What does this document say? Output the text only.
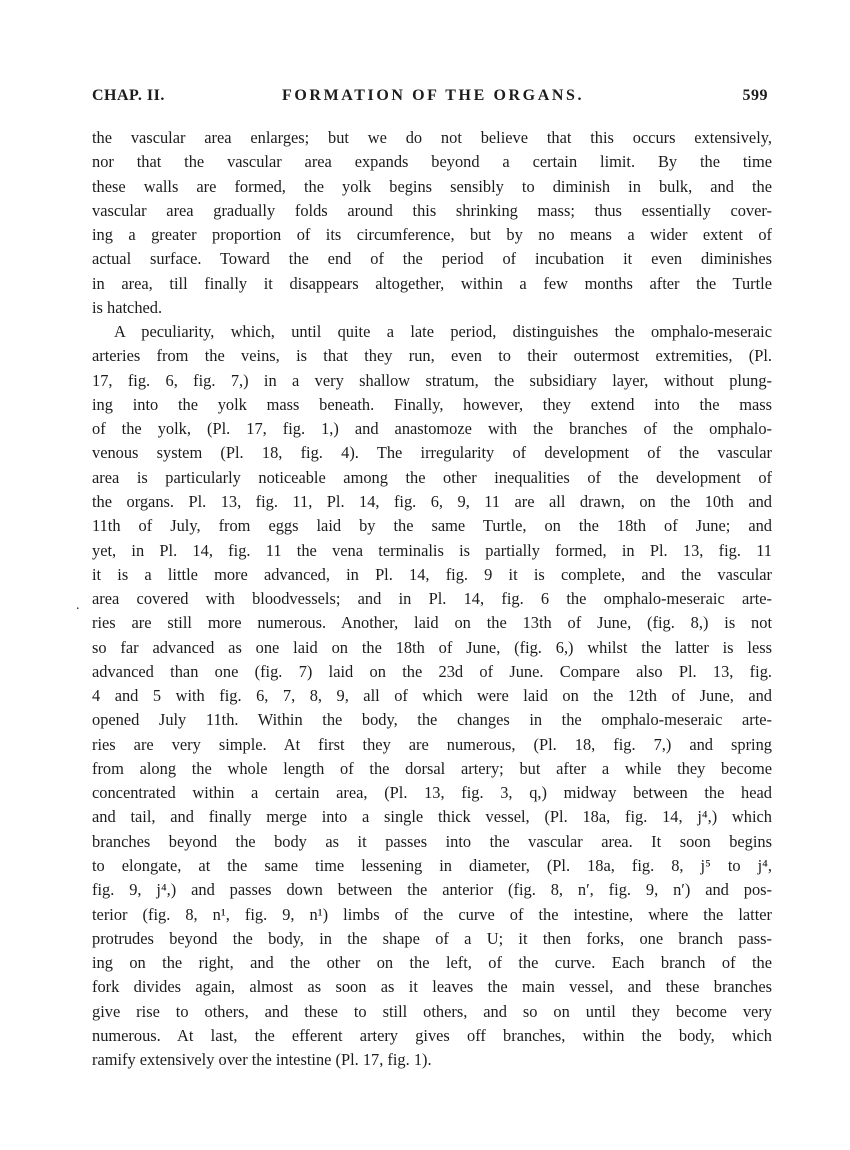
CHAP. II.	FORMATION OF THE ORGANS.	599
.
the vascular area enlarges; but we do not believe that this occurs extensively,
nor that the vascular area expands beyond a certain limit. By the time
these walls are formed, the yolk begins sensibly to diminish in bulk, and the
vascular area gradually folds around this shrinking mass; thus essentially cover-
ing a greater proportion of its circumference, but by no means a wider extent of
actual surface. Toward the end of the period of incubation it even diminishes
in area, till finally it disappears altogether, within a few months after the Turtle
is hatched.
A peculiarity, which, until quite a late period, distinguishes the omphalo-meseraic
arteries from the veins, is that they run, even to their outermost extremities, (Pl.
17, fig. 6, fig. 7,) in a very shallow stratum, the subsidiary layer, without plung-
ing into the yolk mass beneath. Finally, however, they extend into the mass
of the yolk, (Pl. 17, fig. 1,) and anastomoze with the branches of the omphalo-
venous system (Pl. 18, fig. 4). The irregularity of development of the vascular
area is particularly noticeable among the other inequalities of the development of
the organs. Pl. 13, fig. 11, Pl. 14, fig. 6, 9, 11 are all drawn, on the 10th and
11th of July, from eggs laid by the same Turtle, on the 18th of June; and
yet, in Pl. 14, fig. 11 the vena terminalis is partially formed, in Pl. 13, fig. 11
it is a little more advanced, in Pl. 14, fig. 9 it is complete, and the vascular
area covered with bloodvessels; and in Pl. 14, fig. 6 the omphalo-meseraic arte-
ries are still more numerous. Another, laid on the 13th of June, (fig. 8,) is not
so far advanced as one laid on the 18th of June, (fig. 6,) whilst the latter is less
advanced than one (fig. 7) laid on the 23d of June. Compare also Pl. 13, fig.
4 and 5 with fig. 6, 7, 8, 9, all of which were laid on the 12th of June, and
opened July 11th. Within the body, the changes in the omphalo-meseraic arte-
ries are very simple. At first they are numerous, (Pl. 18, fig. 7,) and spring
from along the whole length of the dorsal artery; but after a while they become
concentrated within a certain area, (Pl. 13, fig. 3, q,) midway between the head
and tail, and finally merge into a single thick vessel, (Pl. 18a, fig. 14, j⁴,) which
branches beyond the body as it passes into the vascular area. It soon begins
to elongate, at the same time lessening in diameter, (Pl. 18a, fig. 8, j⁵ to j⁴,
fig. 9, j⁴,) and passes down between the anterior (fig. 8, n′, fig. 9, n′) and pos-
terior (fig. 8, n¹, fig. 9, n¹) limbs of the curve of the intestine, where the latter
protrudes beyond the body, in the shape of a U; it then forks, one branch pass-
ing on the right, and the other on the left, of the curve. Each branch of the
fork divides again, almost as soon as it leaves the main vessel, and these branches
give rise to others, and these to still others, and so on until they become very
numerous. At last, the efferent artery gives off branches, within the body, which
ramify extensively over the intestine (Pl. 17, fig. 1).
